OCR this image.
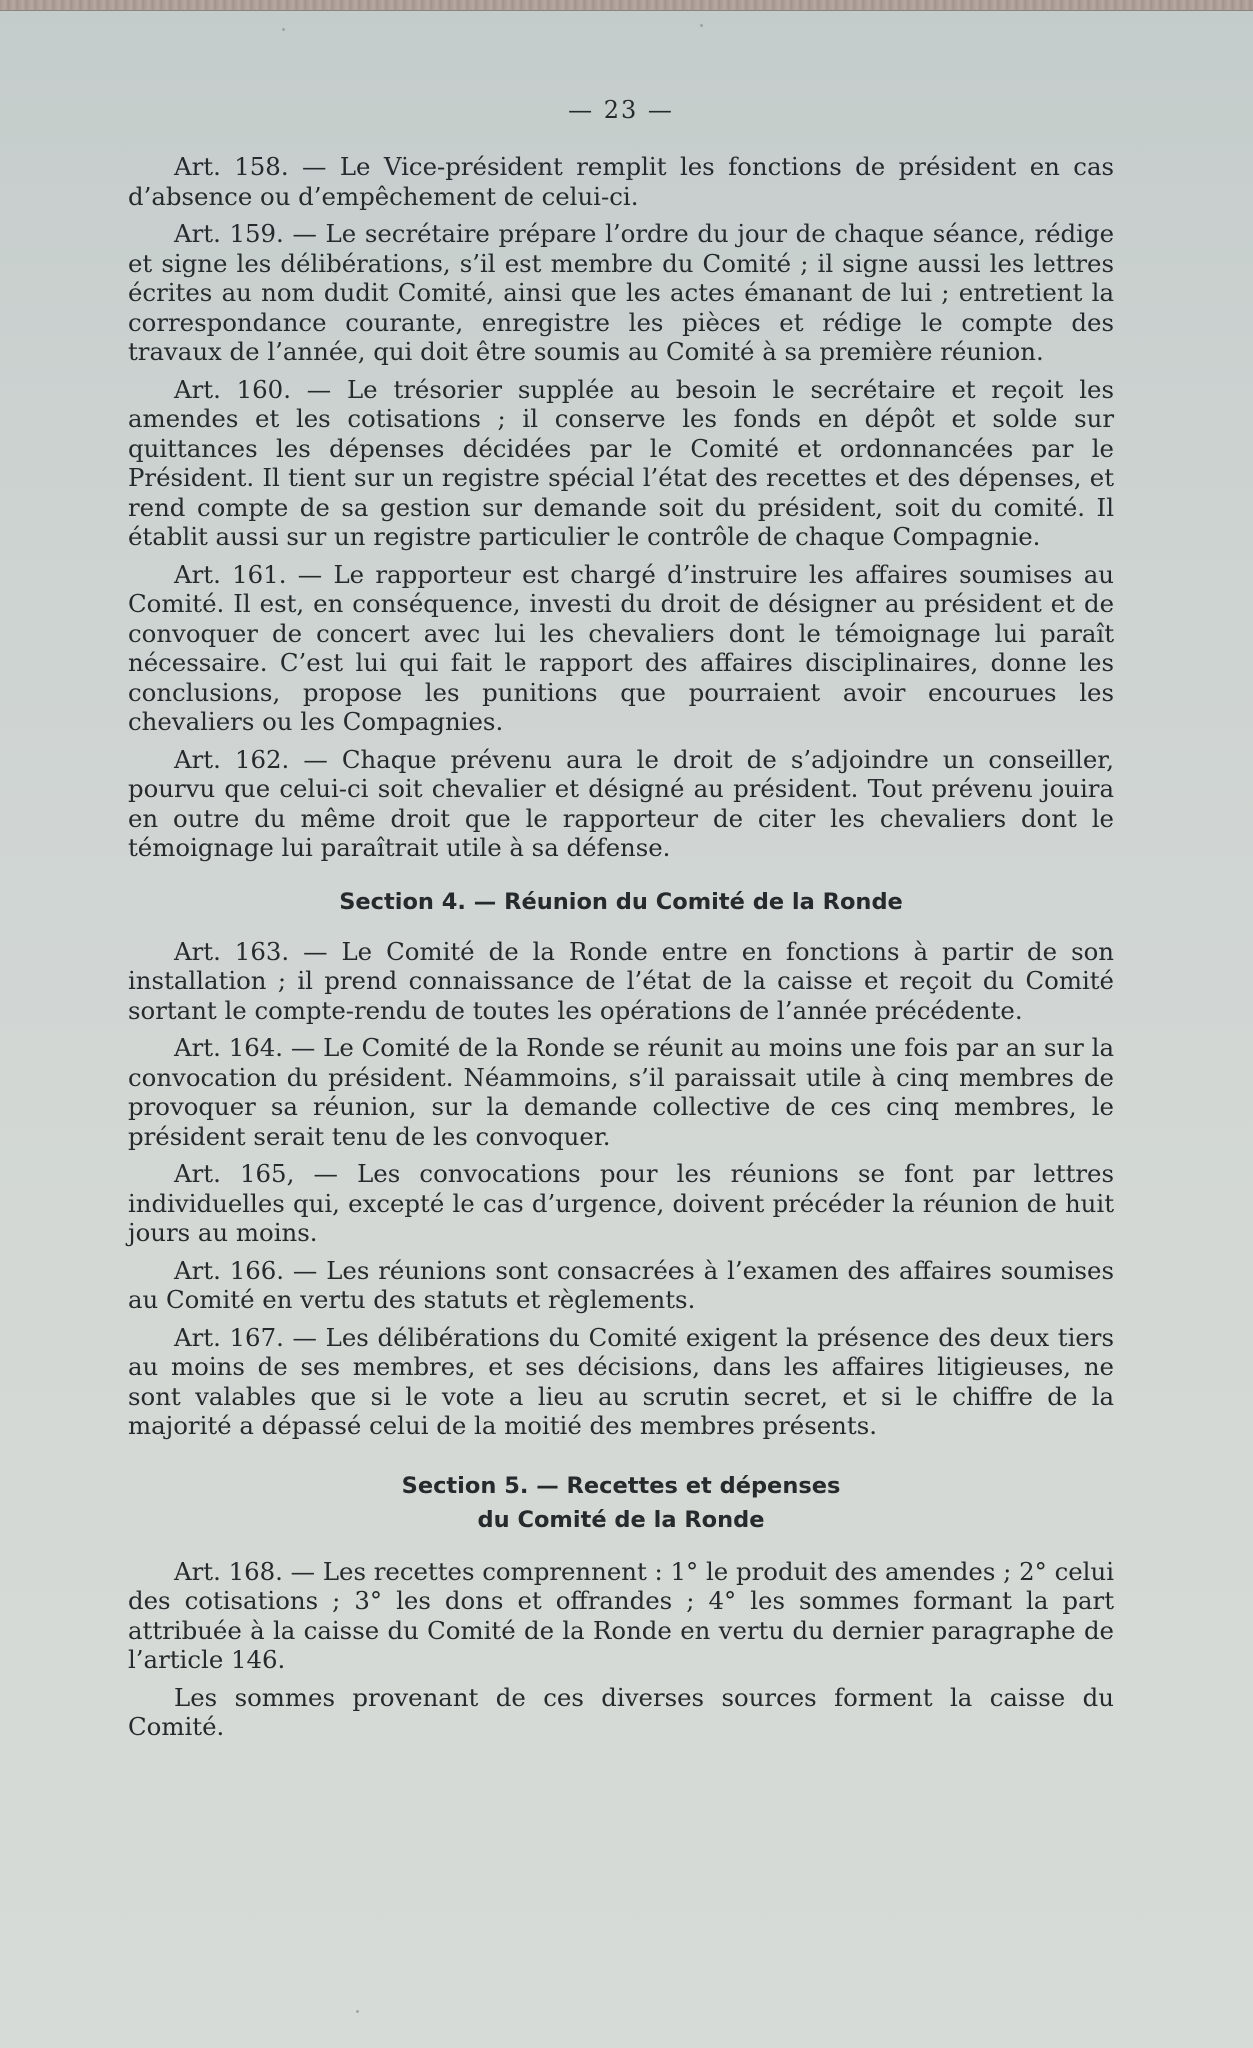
— 23 —

Art. 158. — Le Vice-président remplit les fonctions de président en cas d’absence ou d’empêchement de celui-ci.

Art. 159. — Le secrétaire prépare l’ordre du jour de chaque séance, rédige et signe les délibérations, s’il est membre du Comité ; il signe aussi les lettres écrites au nom dudit Comité, ainsi que les actes émanant de lui ; entretient la correspondance courante, enregistre les pièces et rédige le compte des travaux de l’année, qui doit être soumis au Comité à sa première réunion.

Art. 160. — Le trésorier supplée au besoin le secrétaire et reçoit les amendes et les cotisations ; il conserve les fonds en dépôt et solde sur quittances les dépenses décidées par le Comité et ordonnancées par le Président. Il tient sur un registre spécial l’état des recettes et des dépenses, et rend compte de sa gestion sur demande soit du président, soit du comité. Il établit aussi sur un registre particulier le contrôle de chaque Compagnie.

Art. 161. — Le rapporteur est chargé d’instruire les affaires soumises au Comité. Il est, en conséquence, investi du droit de désigner au président et de convoquer de concert avec lui les chevaliers dont le témoignage lui paraît nécessaire. C’est lui qui fait le rapport des affaires disciplinaires, donne les conclusions, propose les punitions que pourraient avoir encourues les chevaliers ou les Compagnies.

Art. 162. — Chaque prévenu aura le droit de s’adjoindre un conseiller, pourvu que celui-ci soit chevalier et désigné au président. Tout prévenu jouira en outre du même droit que le rapporteur de citer les chevaliers dont le témoignage lui paraîtrait utile à sa défense.

Section 4. — Réunion du Comité de la Ronde

Art. 163. — Le Comité de la Ronde entre en fonctions à partir de son installation ; il prend connaissance de l’état de la caisse et reçoit du Comité sortant le compte-rendu de toutes les opérations de l’année précédente.

Art. 164. — Le Comité de la Ronde se réunit au moins une fois par an sur la convocation du président. Néammoins, s’il paraissait utile à cinq membres de provoquer sa réunion, sur la demande collective de ces cinq membres, le président serait tenu de les convoquer.

Art. 165, — Les convocations pour les réunions se font par lettres individuelles qui, excepté le cas d’urgence, doivent précéder la réunion de huit jours au moins.

Art. 166. — Les réunions sont consacrées à l’examen des affaires soumises au Comité en vertu des statuts et règlements.

Art. 167. — Les délibérations du Comité exigent la présence des deux tiers au moins de ses membres, et ses décisions, dans les affaires litigieuses, ne sont valables que si le vote a lieu au scrutin secret, et si le chiffre de la majorité a dépassé celui de la moitié des membres présents.

Section 5. — Recettes et dépenses
du Comité de la Ronde

Art. 168. — Les recettes comprennent : 1° le produit des amendes ; 2° celui des cotisations ; 3° les dons et offrandes ; 4° les sommes formant la part attribuée à la caisse du Comité de la Ronde en vertu du dernier paragraphe de l’article 146.

Les sommes provenant de ces diverses sources forment la caisse du Comité.
